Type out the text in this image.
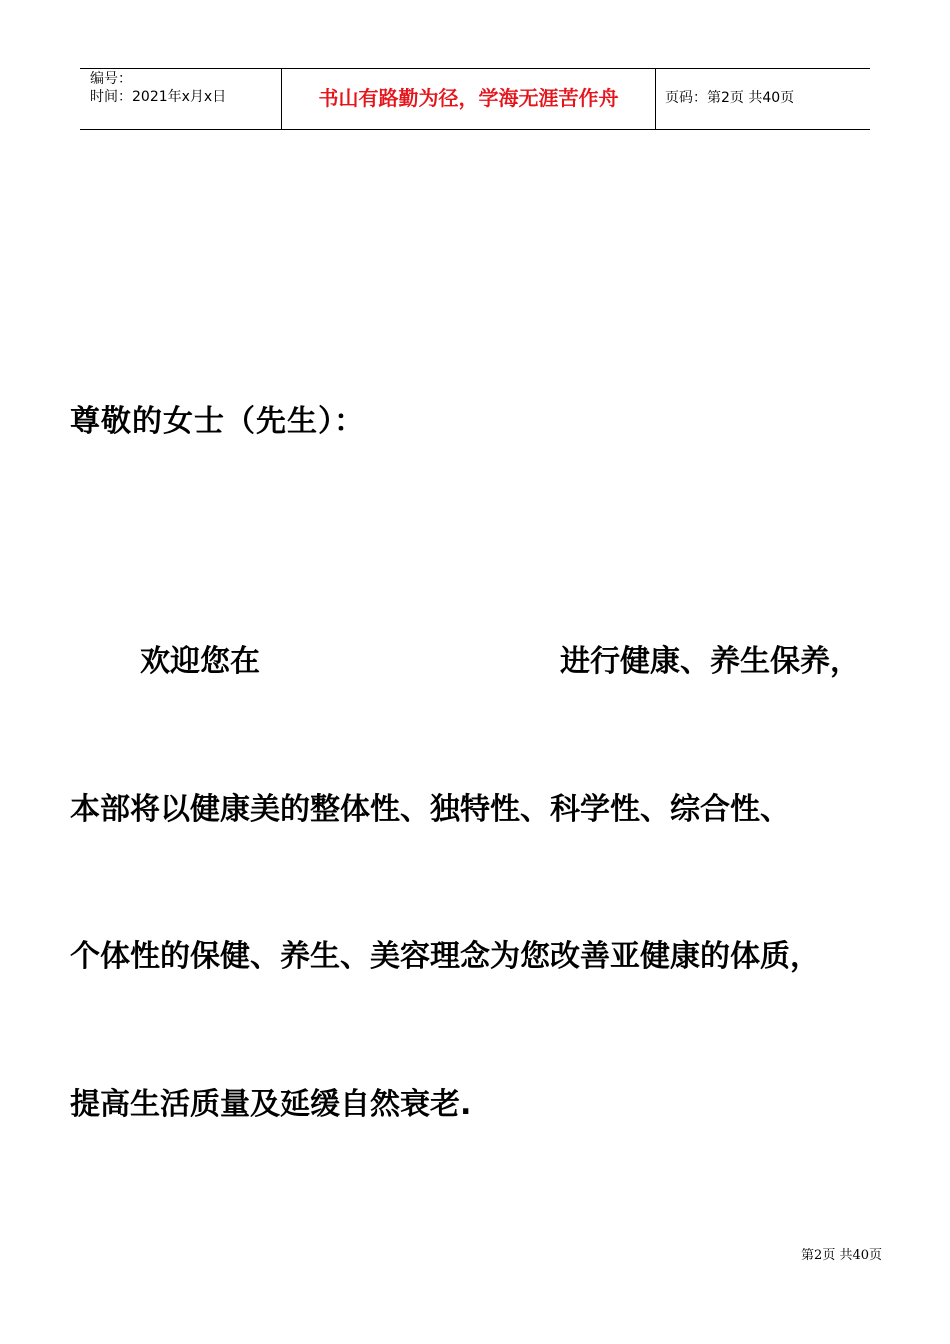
编号：
时间：2021年x月x日	书山有路勤为径，学海无涯苦作舟	页码：第2页 共40页
尊敬的女士（先生）：
欢迎您在	进行健康、养生保养，
本部将以健康美的整体性、独特性、科学性、综合性、
个体性的保健、养生、美容理念为您改善亚健康的体质，
提高生活质量及延缓自然衰老.
第2页 共40页
